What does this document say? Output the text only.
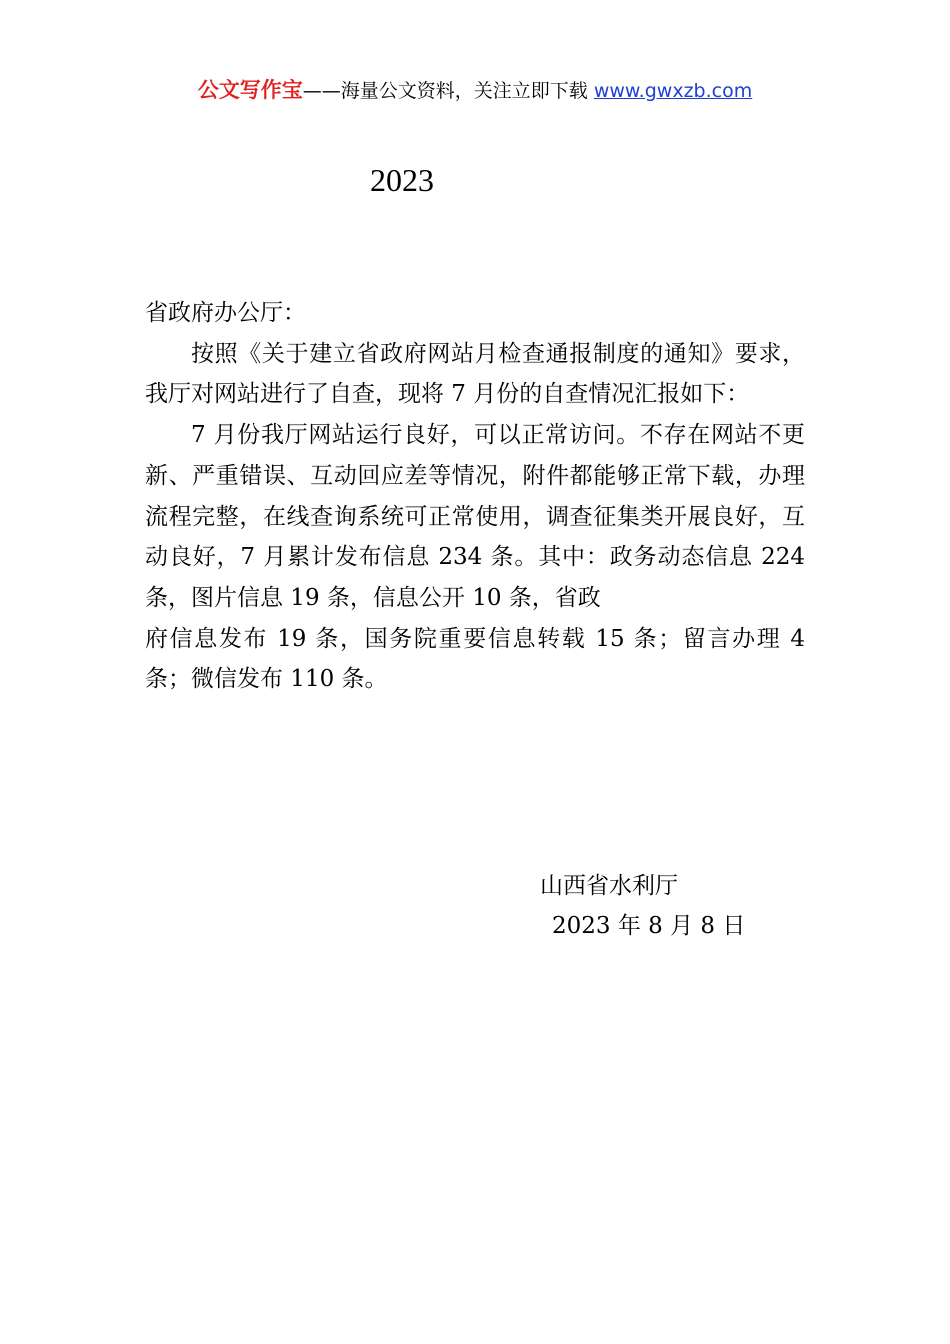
公文写作宝——海量公文资料，关注立即下载 www.gwxzb.com
2023

省政府办公厅：

按照《关于建立省政府网站月检查通报制度的通知》要求，我厅对网站进行了自查，现将 7 月份的自查情况汇报如下：

7 月份我厅网站运行良好，可以正常访问。不存在网站不更新、严重错误、互动回应差等情况，附件都能够正常下载，办理流程完整，在线查询系统可正常使用，调查征集类开展良好，互动良好，7 月累计发布信息 234 条。其中：政务动态信息 224 条，图片信息 19 条，信息公开 10 条，省政

府信息发布 19 条，国务院重要信息转载 15 条；留言办理 4 条；微信发布 110 条。

山西省水利厅
2023 年 8 月 8 日
